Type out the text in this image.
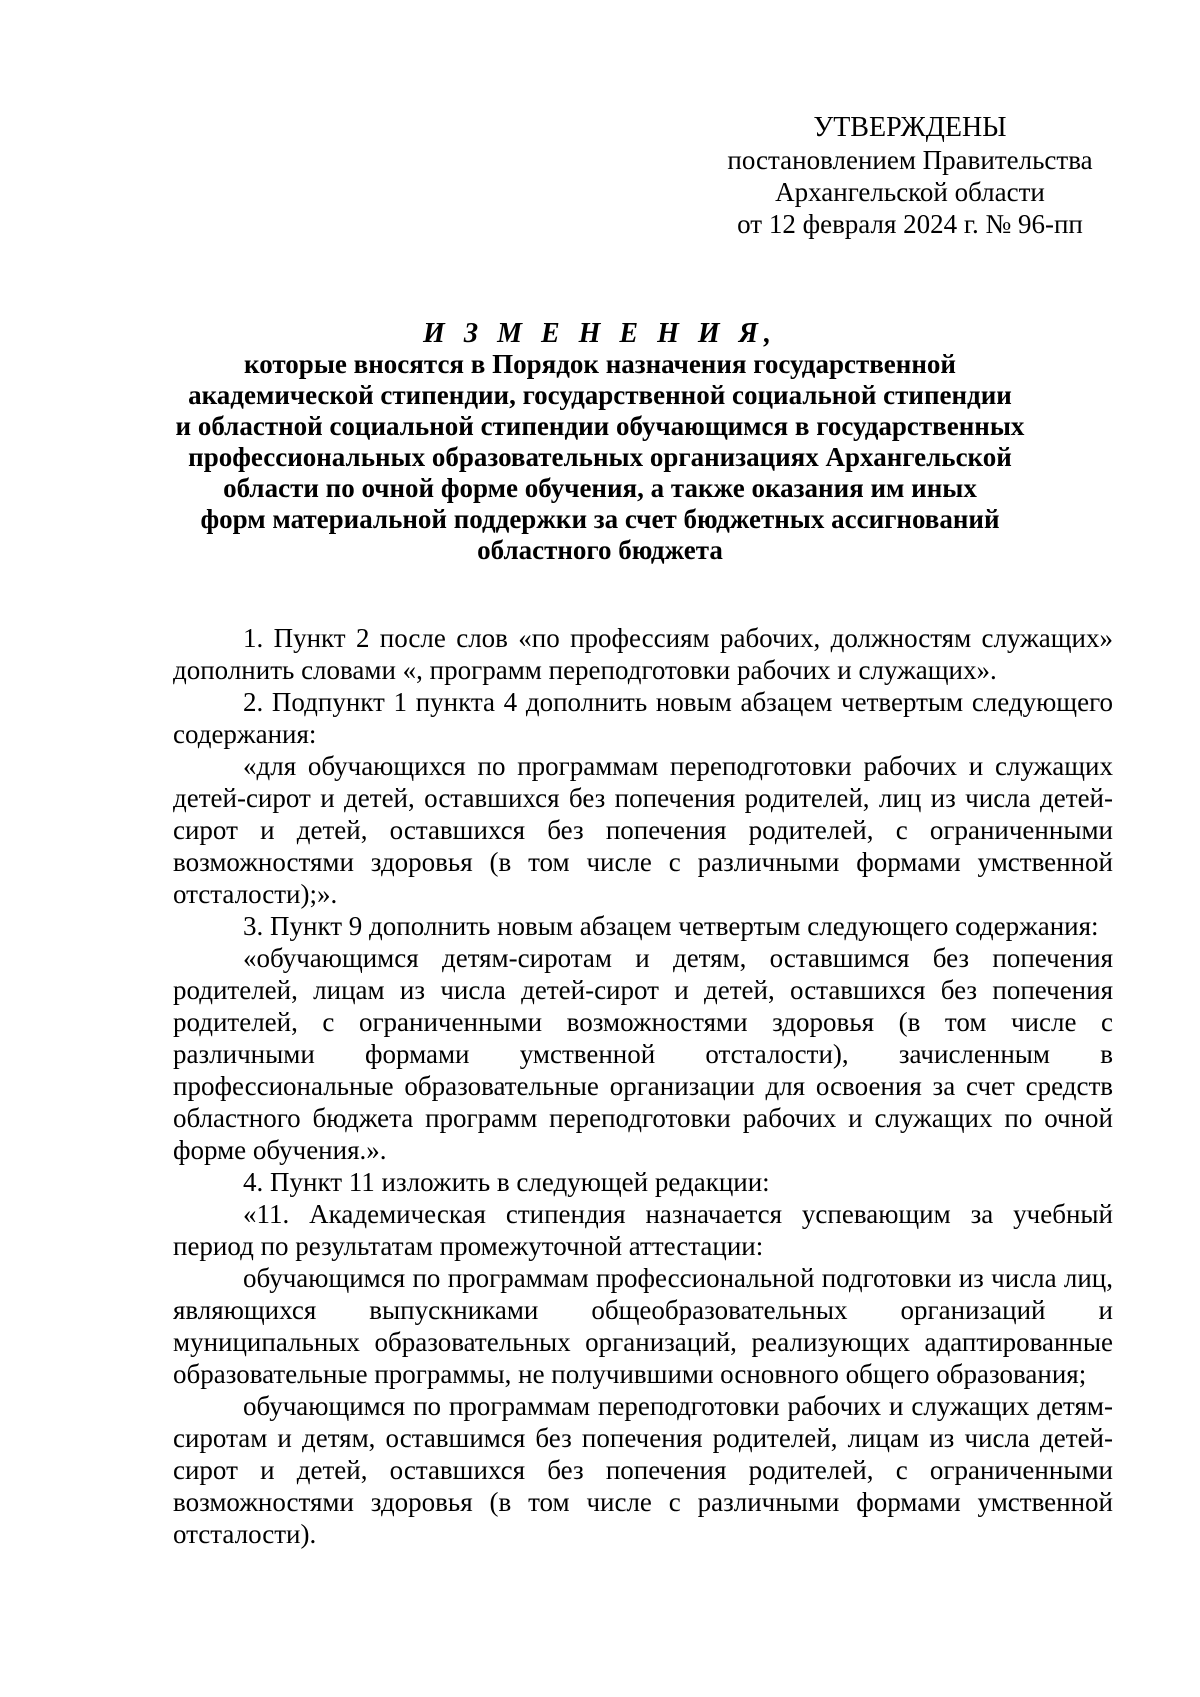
УТВЕРЖДЕНЫ
постановлением Правительства
Архангельской области
от 12 февраля 2024 г. № 96-пп
И З М Е Н Е Н И Я,
которые вносятся в Порядок назначения государственной
академической стипендии, государственной социальной стипендии
и областной социальной стипендии обучающимся в государственных
профессиональных образовательных организациях Архангельской
области по очной форме обучения, а также оказания им иных
форм материальной поддержки за счет бюджетных ассигнований
областного бюджета

1. Пункт 2 после слов «по профессиям рабочих, должностям служащих» дополнить словами «, программ переподготовки рабочих и служащих».

2. Подпункт 1 пункта 4 дополнить новым абзацем четвертым следующего содержания:

«для обучающихся по программам переподготовки рабочих и служащих детей-сирот и детей, оставшихся без попечения родителей, лиц из числа детей-сирот и детей, оставшихся без попечения родителей, с ограниченными возможностями здоровья (в том числе с различными формами умственной отсталости);».

3. Пункт 9 дополнить новым абзацем четвертым следующего содержания:

«обучающимся детям-сиротам и детям, оставшимся без попечения родителей, лицам из числа детей-сирот и детей, оставшихся без попечения родителей, с ограниченными возможностями здоровья (в том числе с различными формами умственной отсталости), зачисленным в профессиональные образовательные организации для освоения за счет средств областного бюджета программ переподготовки рабочих и служащих по очной форме обучения.».

4. Пункт 11 изложить в следующей редакции:

«11. Академическая стипендия назначается успевающим за учебный период по результатам промежуточной аттестации:

обучающимся по программам профессиональной подготовки из числа лиц, являющихся выпускниками общеобразовательных организаций и муниципальных образовательных организаций, реализующих адаптированные образовательные программы, не получившими основного общего образования;

обучающимся по программам переподготовки рабочих и служащих детям-сиротам и детям, оставшимся без попечения родителей, лицам из числа детей-сирот и детей, оставшихся без попечения родителей, с ограниченными возможностями здоровья (в том числе с различными формами умственной отсталости).
